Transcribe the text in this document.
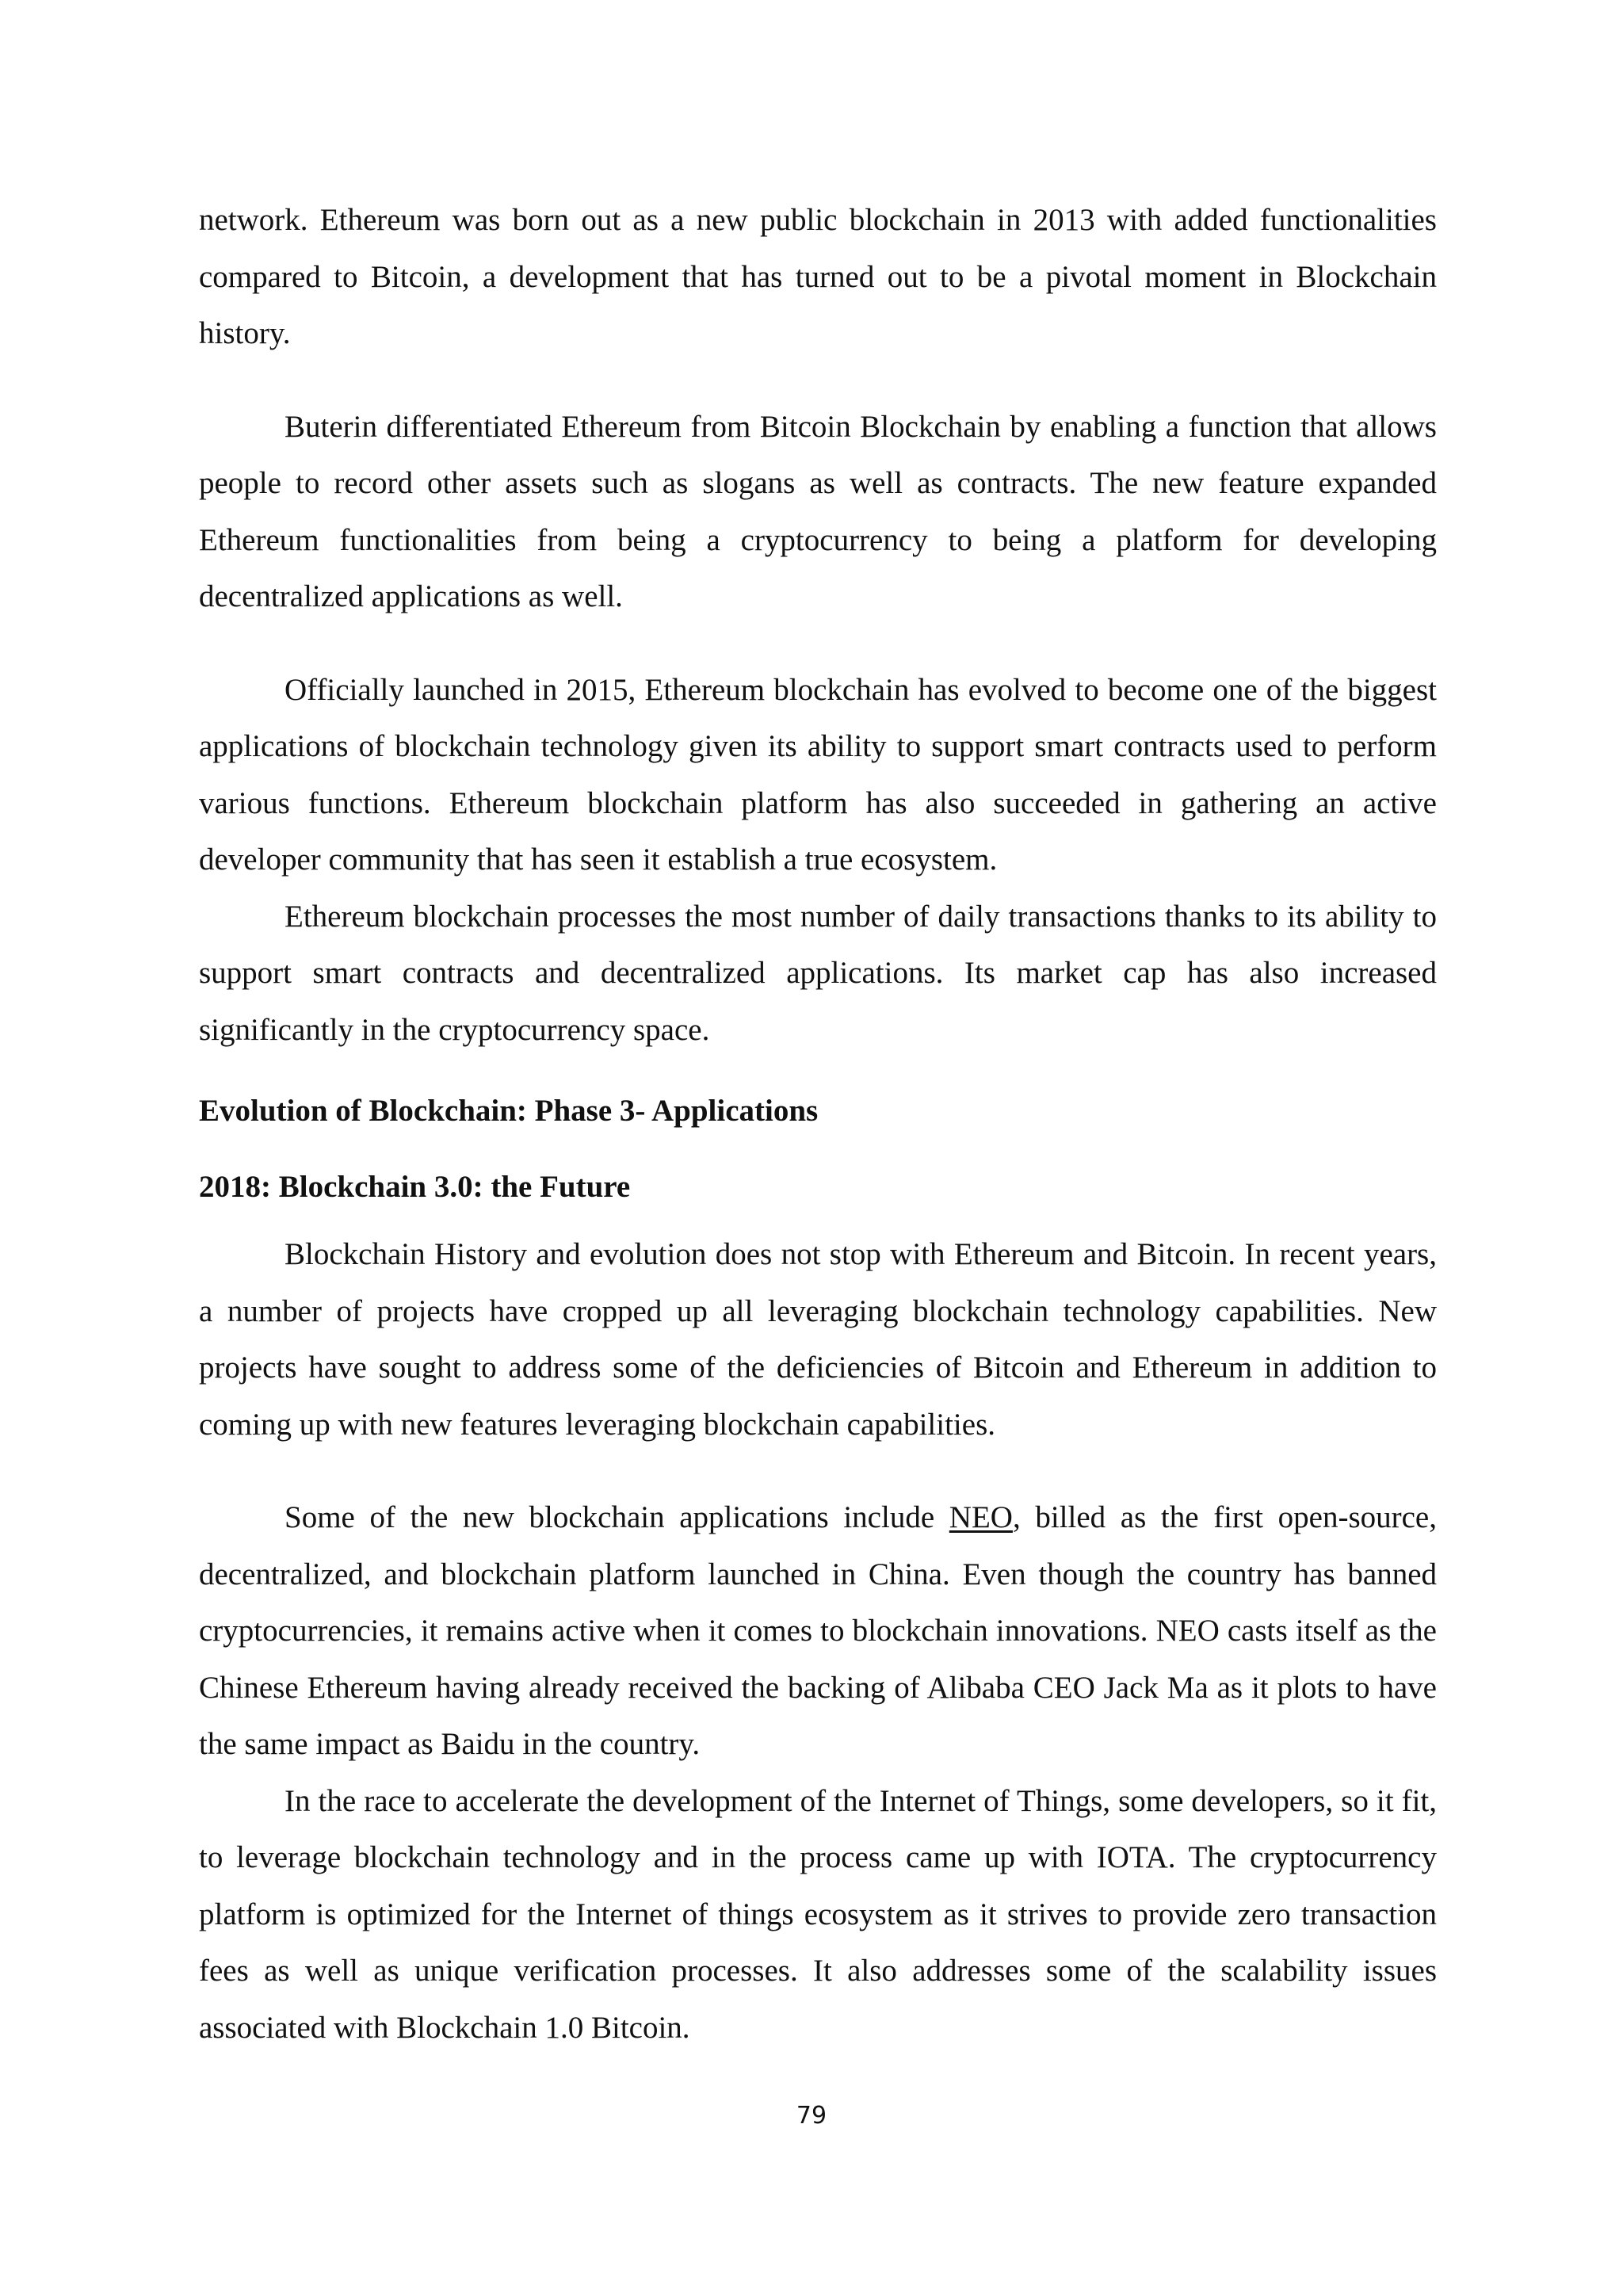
network. Ethereum was born out as a new public blockchain in 2013 with added functionalities compared to Bitcoin, a development that has turned out to be a pivotal moment in Blockchain history.

Buterin differentiated Ethereum from Bitcoin Blockchain by enabling a function that allows people to record other assets such as slogans as well as contracts. The new feature expanded Ethereum functionalities from being a cryptocurrency to being a platform for developing decentralized applications as well.

Officially launched in 2015, Ethereum blockchain has evolved to become one of the biggest applications of blockchain technology given its ability to support smart contracts used to perform various functions. Ethereum blockchain platform has also succeeded in gathering an active developer community that has seen it establish a true ecosystem.

Ethereum blockchain processes the most number of daily transactions thanks to its ability to support smart contracts and decentralized applications. Its market cap has also increased significantly in the cryptocurrency space.

Evolution of Blockchain: Phase 3- Applications
2018: Blockchain 3.0: the Future

Blockchain History and evolution does not stop with Ethereum and Bitcoin. In recent years, a number of projects have cropped up all leveraging blockchain technology capabilities. New projects have sought to address some of the deficiencies of Bitcoin and Ethereum in addition to coming up with new features leveraging blockchain capabilities.

Some of the new blockchain applications include NEO, billed as the first open-source, decentralized, and blockchain platform launched in China. Even though the country has banned cryptocurrencies, it remains active when it comes to blockchain innovations. NEO casts itself as the Chinese Ethereum having already received the backing of Alibaba CEO Jack Ma as it plots to have the same impact as Baidu in the country.

In the race to accelerate the development of the Internet of Things, some developers, so it fit, to leverage blockchain technology and in the process came up with IOTA. The cryptocurrency platform is optimized for the Internet of things ecosystem as it strives to provide zero transaction fees as well as unique verification processes. It also addresses some of the scalability issues associated with Blockchain 1.0 Bitcoin.

79
